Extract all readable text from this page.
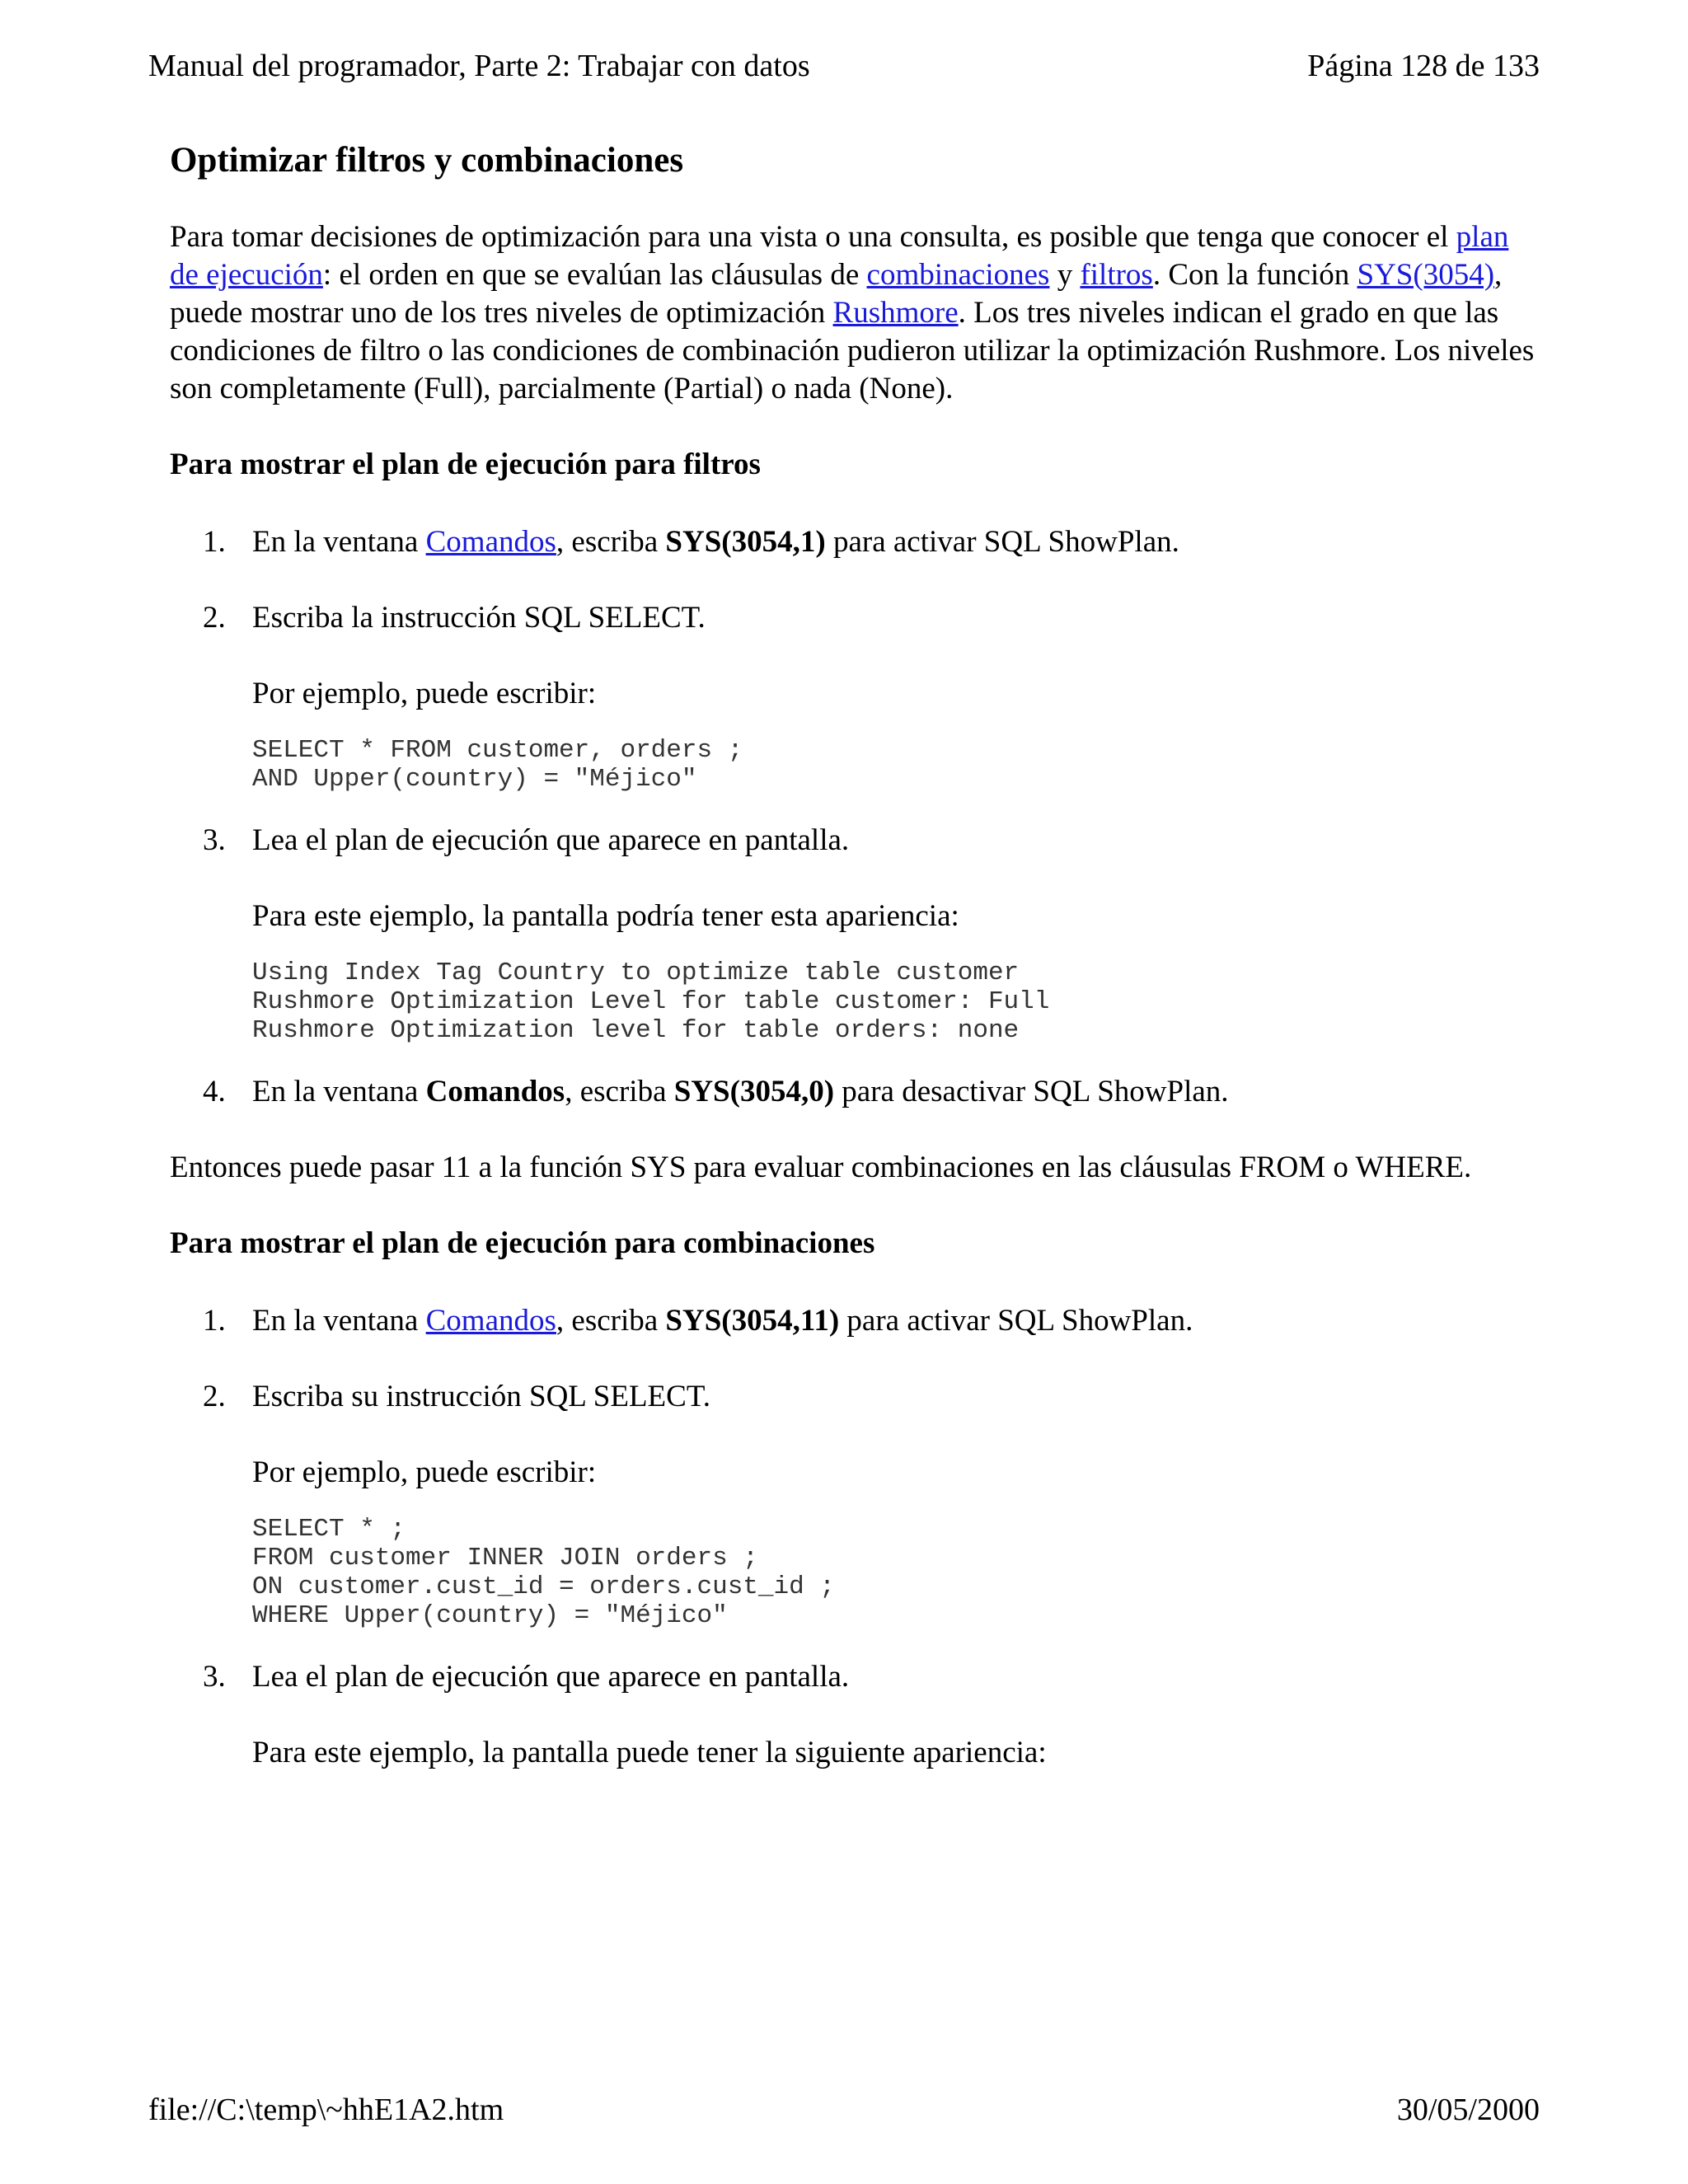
Manual del programador, Parte 2: Trabajar con datos	Página 128 de 133
Optimizar filtros y combinaciones

Para tomar decisiones de optimización para una vista o una consulta, es posible que tenga que conocer el plan de ejecución: el orden en que se evalúan las cláusulas de combinaciones y filtros. Con la función SYS(3054), puede mostrar uno de los tres niveles de optimización Rushmore. Los tres niveles indican el grado en que las condiciones de filtro o las condiciones de combinación pudieron utilizar la optimización Rushmore. Los niveles son completamente (Full), parcialmente (Partial) o nada (None).

Para mostrar el plan de ejecución para filtros

1. En la ventana Comandos, escriba SYS(3054,1) para activar SQL ShowPlan.

2. Escriba la instrucción SQL SELECT.

Por ejemplo, puede escribir:

SELECT * FROM customer, orders ;
AND Upper(country) = "Méjico"

3. Lea el plan de ejecución que aparece en pantalla.

Para este ejemplo, la pantalla podría tener esta apariencia:

Using Index Tag Country to optimize table customer
Rushmore Optimization Level for table customer: Full
Rushmore Optimization level for table orders: none

4. En la ventana Comandos, escriba SYS(3054,0) para desactivar SQL ShowPlan.

Entonces puede pasar 11 a la función SYS para evaluar combinaciones en las cláusulas FROM o WHERE.

Para mostrar el plan de ejecución para combinaciones

1. En la ventana Comandos, escriba SYS(3054,11) para activar SQL ShowPlan.

2. Escriba su instrucción SQL SELECT.

Por ejemplo, puede escribir:

SELECT * ;
FROM customer INNER JOIN orders ;
ON customer.cust_id = orders.cust_id ;
WHERE Upper(country) = "Méjico"

3. Lea el plan de ejecución que aparece en pantalla.

Para este ejemplo, la pantalla puede tener la siguiente apariencia:

file://C:\temp\~hhE1A2.htm	30/05/2000
